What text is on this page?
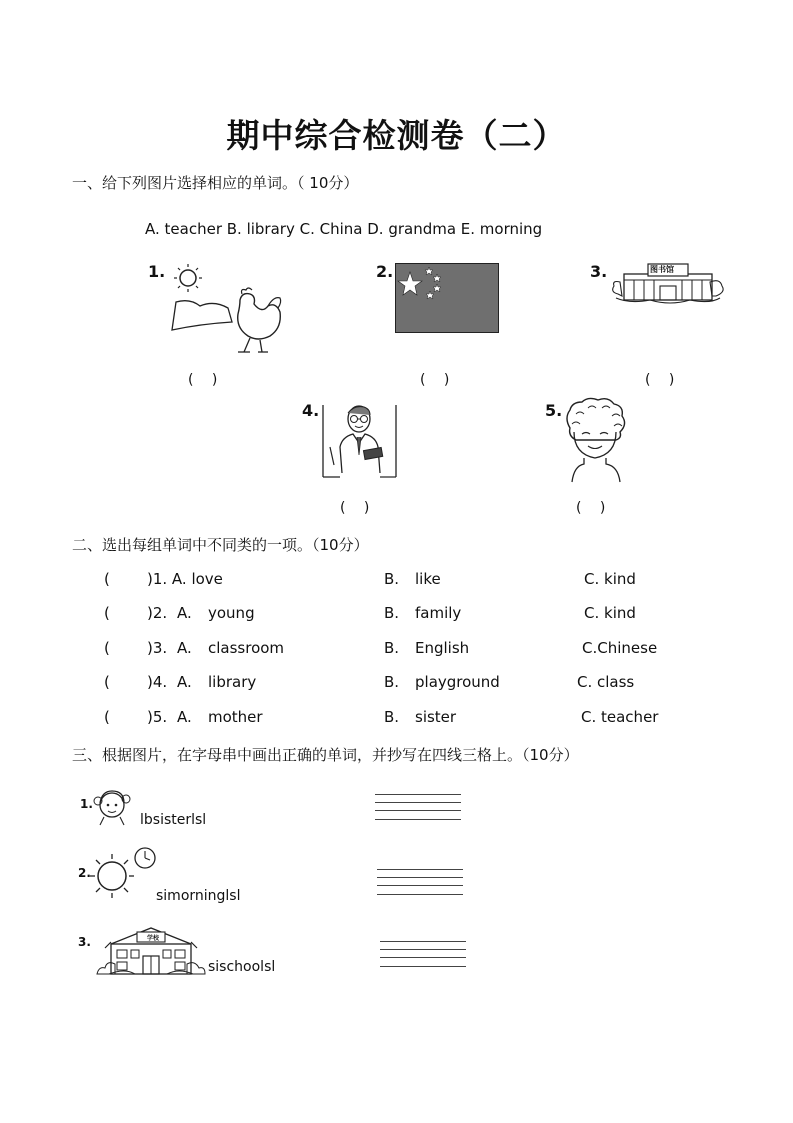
期中综合检测卷（二）
一、给下列图片选择相应的单词。（ 10分）
A. teacher B. library C. China D. grandma E. morning
1.
(　 )
2.
(　 )
3.	图书馆
(　 )
4.
(　 )
5.
(　 )
二、选出每组单词中不同类的一项。（10分）
( )1. A. love	B. like	C. kind
( )2. A. young	B. family	C. kind
( )3. A. classroom	B. English	C.Chinese
( )4. A. library	B. playground	C. class
( )5. A. mother	B. sister	C. teacher
三、根据图片，在字母串中画出正确的单词，并抄写在四线三格上。（10分）
1.
lbsisterlsl
2.
simorninglsl
3.	学校
sischoolsl
